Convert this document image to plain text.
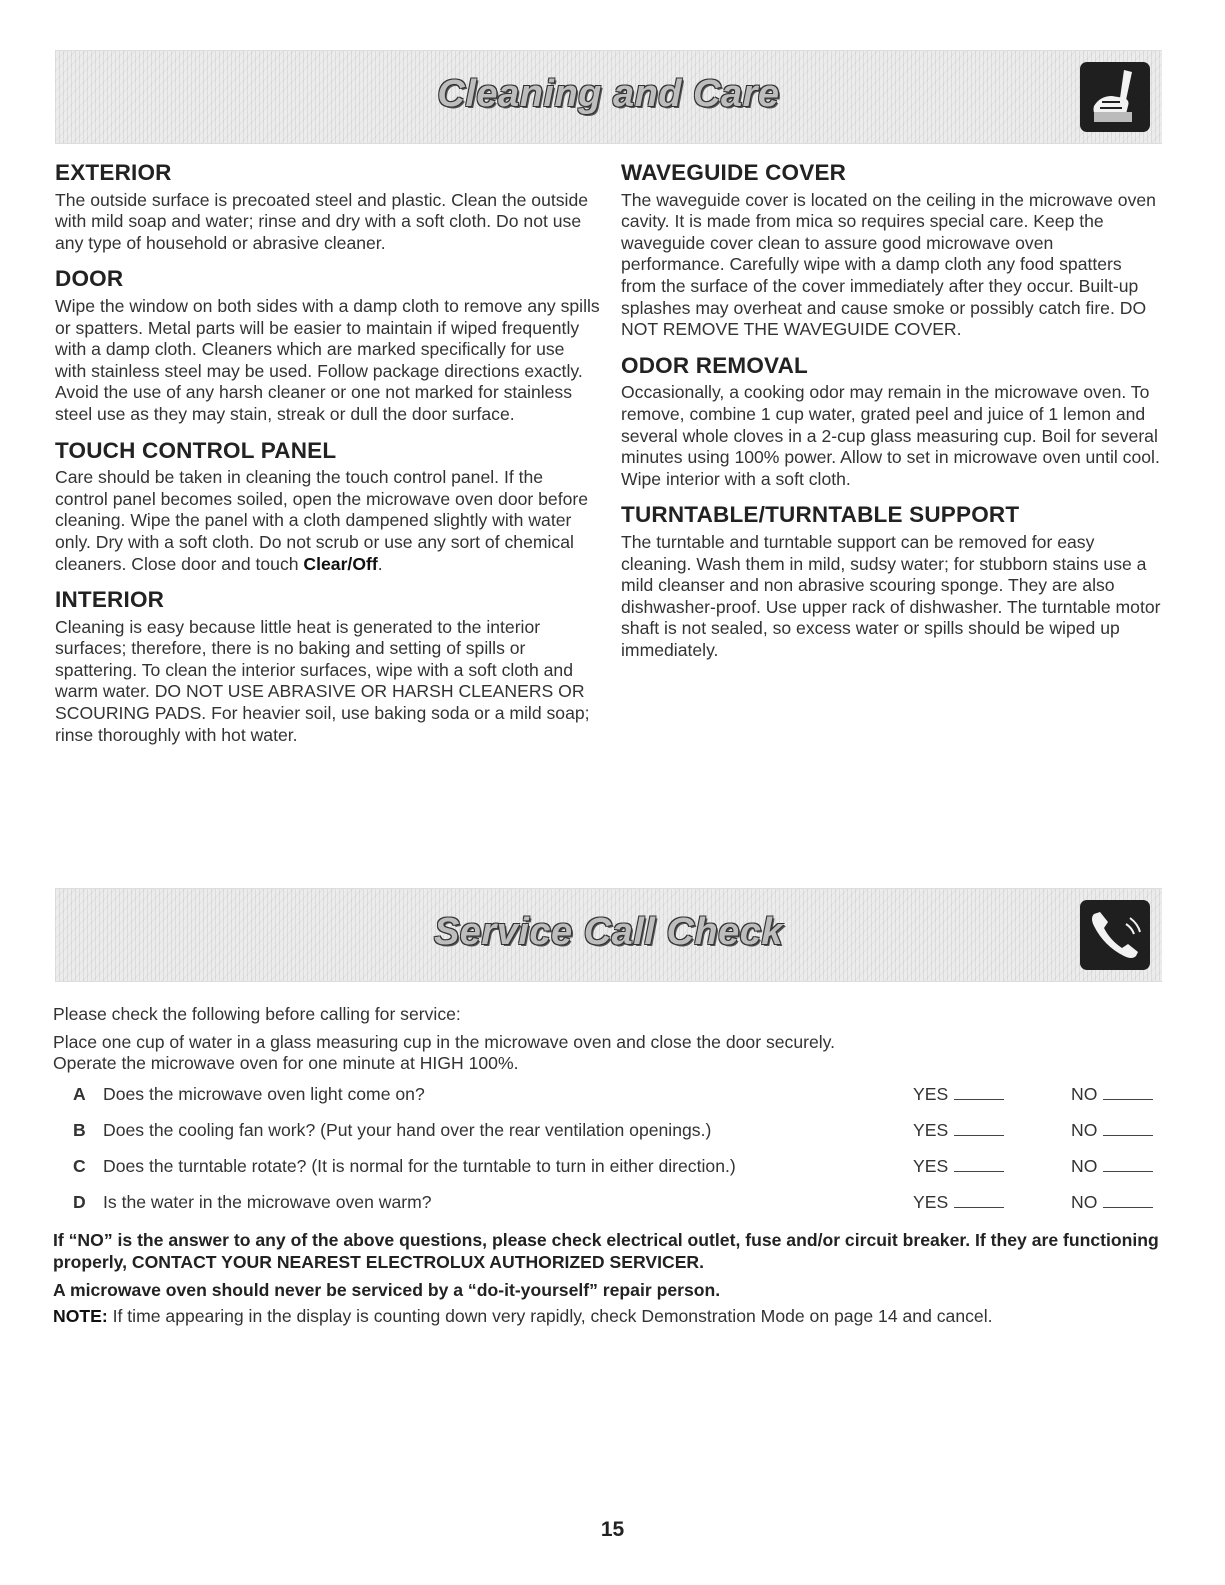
Cleaning and Care
EXTERIOR

The outside surface is precoated steel and plastic. Clean the outside with mild soap and water; rinse and dry with a soft cloth. Do not use any type of household or abrasive cleaner.

DOOR

Wipe the window on both sides with a damp cloth to remove any spills or spatters. Metal parts will be easier to maintain if wiped frequently with a damp cloth. Cleaners which are marked specifically for use with stainless steel may be used. Follow package directions exactly. Avoid the use of any harsh cleaner or one not marked for stainless steel use as they may stain, streak or dull the door surface.

TOUCH CONTROL PANEL

Care should be taken in cleaning the touch control panel. If the control panel becomes soiled, open the microwave oven door before cleaning. Wipe the panel with a cloth dampened slightly with water only. Dry with a soft cloth. Do not scrub or use any sort of chemical cleaners. Close door and touch Clear/Off.

INTERIOR

Cleaning is easy because little heat is generated to the interior surfaces; therefore, there is no baking and setting of spills or spattering. To clean the interior surfaces, wipe with a soft cloth and warm water. DO NOT USE ABRASIVE OR HARSH CLEANERS OR SCOURING PADS. For heavier soil, use baking soda or a mild soap; rinse thoroughly with hot water.

WAVEGUIDE COVER

The waveguide cover is located on the ceiling in the microwave oven cavity. It is made from mica so requires special care. Keep the waveguide cover clean to assure good microwave oven performance. Carefully wipe with a damp cloth any food spatters from the surface of the cover immediately after they occur. Built-up splashes may overheat and cause smoke or possibly catch fire. DO NOT REMOVE THE WAVEGUIDE COVER.

ODOR REMOVAL

Occasionally, a cooking odor may remain in the microwave oven. To remove, combine 1 cup water, grated peel and juice of 1 lemon and several whole cloves in a 2-cup glass measuring cup. Boil for several minutes using 100% power. Allow to set in microwave oven until cool. Wipe interior with a soft cloth.

TURNTABLE/TURNTABLE SUPPORT

The turntable and turntable support can be removed for easy cleaning. Wash them in mild, sudsy water; for stubborn stains use a mild cleanser and non abrasive scouring sponge. They are also dishwasher-proof. Use upper rack of dishwasher. The turntable motor shaft is not sealed, so excess water or spills should be wiped up immediately.

Service Call Check
Please check the following before calling for service:
Place one cup of water in a glass measuring cup in the microwave oven and close the door securely.
Operate the microwave oven for one minute at HIGH 100%.
A Does the microwave oven light come on?	YES	NO
B Does the cooling fan work? (Put your hand over the rear ventilation openings.)	YES	NO
C Does the turntable rotate? (It is normal for the turntable to turn in either direction.)	YES	NO
D Is the water in the microwave oven warm?	YES	NO
If “NO” is the answer to any of the above questions, please check electrical outlet, fuse and/or circuit breaker. If they are functioning properly, CONTACT YOUR NEAREST ELECTROLUX AUTHORIZED SERVICER.
A microwave oven should never be serviced by a “do-it-yourself” repair person.
NOTE: If time appearing in the display is counting down very rapidly, check Demonstration Mode on page 14 and cancel.
15
